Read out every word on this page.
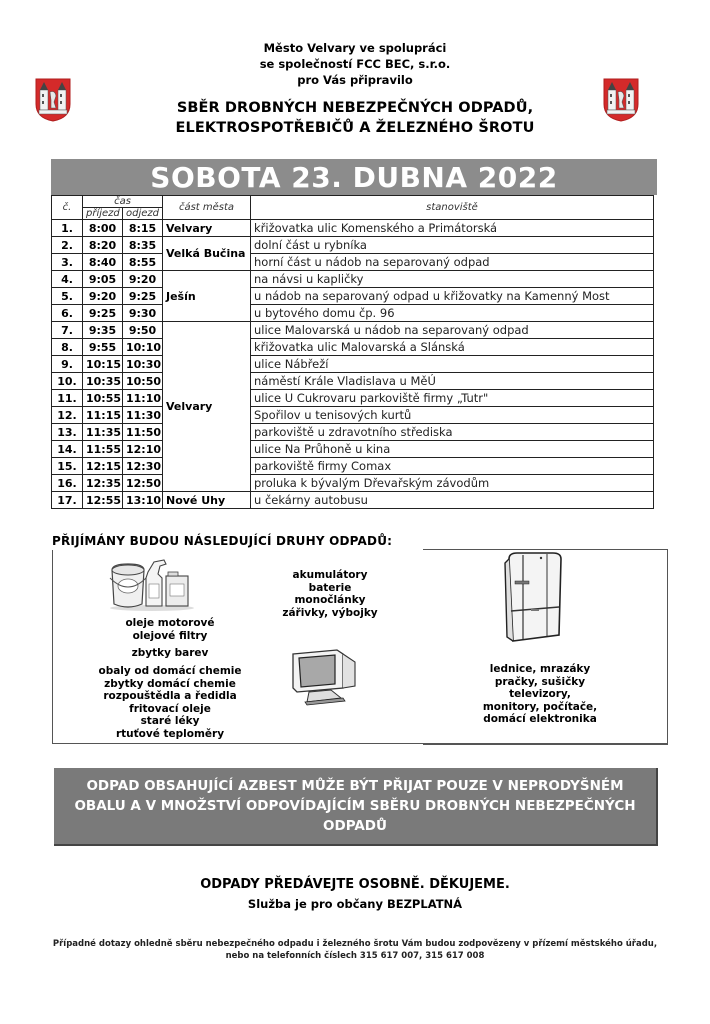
Město Velvary ve spolupráci
se společností FCC BEC, s.r.o.
pro Vás připravilo
SBĚR DROBNÝCH NEBEZPEČNÝCH ODPADŮ,
ELEKTROSPOTŘEBIČŮ A ŽELEZNÉHO ŠROTU
SOBOTA 23. DUBNA 2022
č.	čas		část města	stanoviště
	příjezd	odjezd		
1.	8:00	8:15	Velvary	křižovatka ulic Komenského a Primátorská
2.	8:20	8:35	Velká Bučina	dolní část u rybníka
3.	8:40	8:55		horní část u nádob na separovaný odpad
4.	9:05	9:20	Ješín	na návsi u kapličky
5.	9:20	9:25		u nádob na separovaný odpad u křižovatky na Kamenný Most
6.	9:25	9:30		u bytového domu čp. 96
7.	9:35	9:50	Velvary	ulice Malovarská u nádob na separovaný odpad
8.	9:55	10:10		křižovatka ulic Malovarská a Slánská
9.	10:15	10:30		ulice Nábřeží
10.	10:35	10:50		náměstí Krále Vladislava u MěÚ
11.	10:55	11:10		ulice U Cukrovaru parkoviště firmy „Tutr"
12.	11:15	11:30		Spořilov u tenisových kurtů
13.	11:35	11:50		parkoviště u zdravotního střediska
14.	11:55	12:10		ulice Na Průhoně u kina
15.	12:15	12:30		parkoviště firmy Comax
16.	12:35	12:50		proluka k bývalým Dřevařským závodům
17.	12:55	13:10	Nové Uhy	u čekárny autobusu
PŘIJÍMÁNY BUDOU NÁSLEDUJÍCÍ DRUHY ODPADŮ:
oleje motorové
olejové filtry
zbytky barev
obaly od domácí chemie
zbytky domácí chemie
rozpouštědla a ředidla
fritovací oleje
staré léky
rtuťové teploměry
akumulátory
baterie
monočlánky
zářivky, výbojky
lednice, mrazáky
pračky, sušičky
televizory,
monitory, počítače,
domácí elektronika
ODPAD OBSAHUJÍCÍ AZBEST MŮŽE BÝT PŘIJAT POUZE V NEPRODYŠNÉM OBALU A V MNOŽSTVÍ ODPOVÍDAJÍCÍM SBĚRU DROBNÝCH NEBEZPEČNÝCH ODPADŮ
ODPADY PŘEDÁVEJTE OSOBNĚ. DĚKUJEME.
Služba je pro občany BEZPLATNÁ
Případné dotazy ohledně sběru nebezpečného odpadu i železného šrotu Vám budou zodpovězeny v přízemí městského úřadu, nebo na telefonních číslech 315 617 007, 315 617 008
